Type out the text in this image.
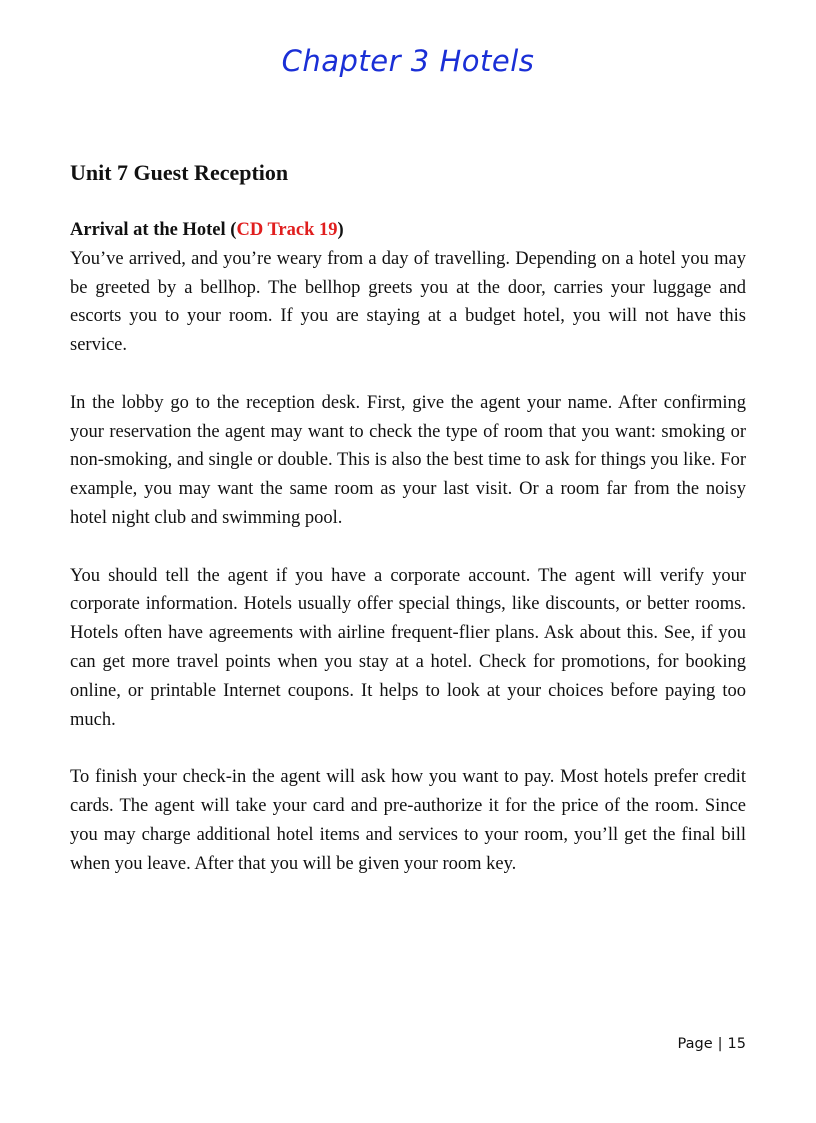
Chapter 3 Hotels
Unit 7 Guest Reception
Arrival at the Hotel (CD Track 19)

You’ve arrived, and you’re weary from a day of travelling. Depending on a hotel you may be greeted by a bellhop. The bellhop greets you at the door, carries your luggage and escorts you to your room. If you are staying at a budget hotel, you will not have this service.

In the lobby go to the reception desk. First, give the agent your name. After confirming your reservation the agent may want to check the type of room that you want: smoking or non-smoking, and single or double. This is also the best time to ask for things you like. For example, you may want the same room as your last visit. Or a room far from the noisy hotel night club and swimming pool.

You should tell the agent if you have a corporate account. The agent will verify your corporate information. Hotels usually offer special things, like discounts, or better rooms. Hotels often have agreements with airline frequent-flier plans. Ask about this. See, if you can get more travel points when you stay at a hotel. Check for promotions, for booking online, or printable Internet coupons. It helps to look at your choices before paying too much.

To finish your check-in the agent will ask how you want to pay. Most hotels prefer credit cards. The agent will take your card and pre-authorize it for the price of the room. Since you may charge additional hotel items and services to your room, you’ll get the final bill when you leave. After that you will be given your room key.

Page | 15
